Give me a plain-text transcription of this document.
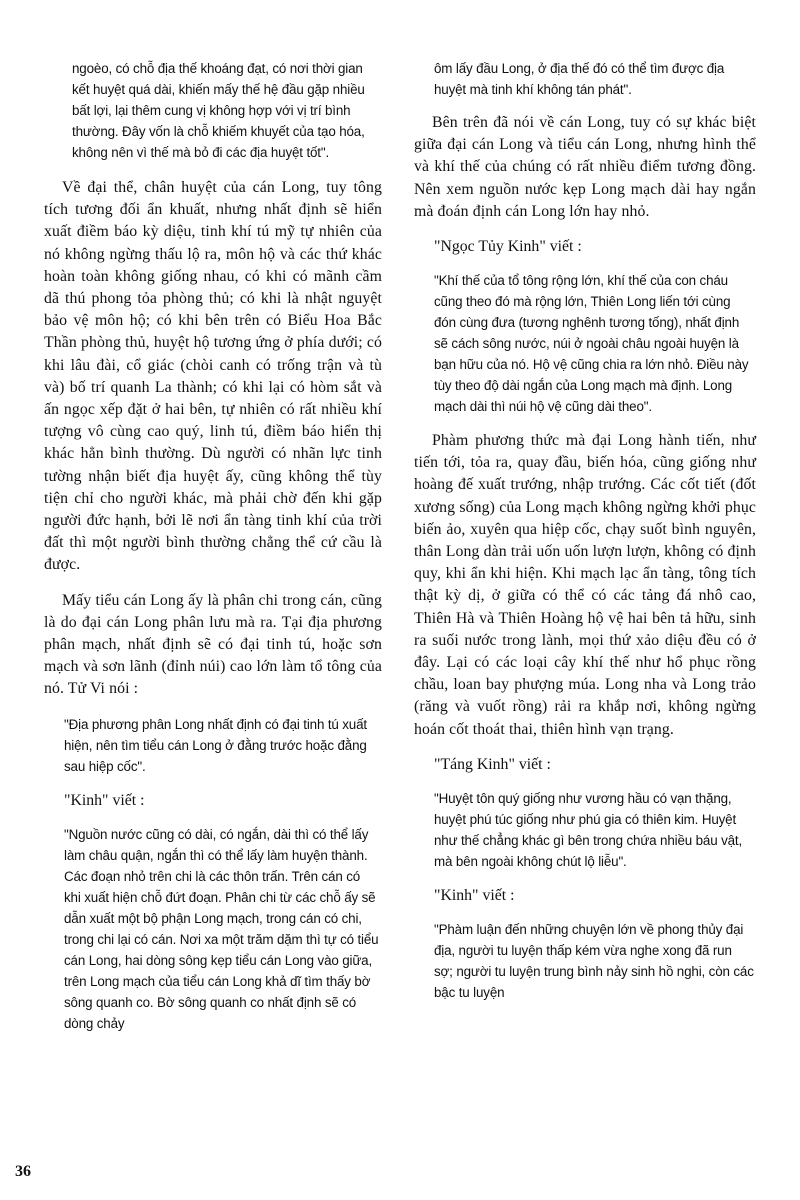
ngoèo, có chỗ địa thế khoáng đạt, có nơi thời gian kết huyệt quá dài, khiến mấy thế hệ đầu gặp nhiều bất lợi, lại thêm cung vị không hợp với vị trí bình thường. Đây vốn là chỗ khiếm khuyết của tạo hóa, không nên vì thế mà bỏ đi các địa huyệt tốt".

Về đại thể, chân huyệt của cán Long, tuy tông tích tương đối ẩn khuất, nhưng nhất định sẽ hiển xuất điềm báo kỳ diệu, tinh khí tú mỹ tự nhiên của nó không ngừng thấu lộ ra, môn hộ và các thứ khác hoàn toàn không giống nhau, có khi có mãnh cầm dã thú phong tỏa phòng thủ; có khi là nhật nguyệt bảo vệ môn hộ; có khi bên trên có Biểu Hoa Bắc Thần phòng thủ, huyệt hộ tương ứng ở phía dưới; có khi lâu đài, cổ giác (chòi canh có trống trận và tù và) bố trí quanh La thành; có khi lại có hòm sắt và ấn ngọc xếp đặt ở hai bên, tự nhiên có rất nhiều khí tượng vô cùng cao quý, linh tú, điềm báo hiển thị khác hẳn bình thường. Dù người có nhãn lực tinh tường nhận biết địa huyệt ấy, cũng không thể tùy tiện chỉ cho người khác, mà phải chờ đến khi gặp người đức hạnh, bởi lẽ nơi ẩn tàng tinh khí của trời đất thì một người bình thường chẳng thể cứ cầu là được.

Mấy tiểu cán Long ấy là phân chi trong cán, cũng là do đại cán Long phân lưu mà ra. Tại địa phương phân mạch, nhất định sẽ có đại tinh tú, hoặc sơn mạch và sơn lãnh (đỉnh núi) cao lớn làm tổ tông của nó. Tử Vi nói :

"Địa phương phân Long nhất định có đại tinh tú xuất hiện, nên tìm tiểu cán Long ở đằng trước hoặc đằng sau hiệp cốc".

"Kinh" viết :

"Nguồn nước cũng có dài, có ngắn, dài thì có thể lấy làm châu quận, ngắn thì có thể lấy làm huyện thành. Các đoạn nhỏ trên chi là các thôn trấn. Trên cán có khi xuất hiện chỗ đứt đoạn. Phân chi từ các chỗ ấy sẽ dẫn xuất một bộ phận Long mạch, trong cán có chi, trong chi lại có cán. Nơi xa một trăm dặm thì tự có tiểu cán Long, hai dòng sông kẹp tiểu cán Long vào giữa, trên Long mạch của tiểu cán Long khả dĩ tìm thấy bờ sông quanh co. Bờ sông quanh co nhất định sẽ có dòng chảy

ôm lấy đầu Long, ở địa thế đó có thể tìm được địa huyệt mà tinh khí không tán phát".

Bên trên đã nói về cán Long, tuy có sự khác biệt giữa đại cán Long và tiểu cán Long, nhưng hình thể và khí thế của chúng có rất nhiều điểm tương đồng. Nên xem nguồn nước kẹp Long mạch dài hay ngắn mà đoán định cán Long lớn hay nhỏ.

"Ngọc Tủy Kinh" viết :

"Khí thế của tổ tông rộng lớn, khí thế của con cháu cũng theo đó mà rộng lớn, Thiên Long liến tới cùng đón cùng đưa (tương nghênh tương tống), nhất định sẽ cách sông nước, núi ở ngoài châu ngoài huyện là bạn hữu của nó. Hộ vệ cũng chia ra lớn nhỏ. Điều này tùy theo độ dài ngắn của Long mạch mà định. Long mạch dài thì núi hộ vệ cũng dài theo".

Phàm phương thức mà đại Long hành tiến, như tiến tới, tỏa ra, quay đầu, biến hóa, cũng giống như hoàng đế xuất trướng, nhập trướng. Các cốt tiết (đốt xương sống) của Long mạch không ngừng khởi phục biến ảo, xuyên qua hiệp cốc, chạy suốt bình nguyên, thân Long dàn trải uốn uốn lượn lượn, không có định quy, khi ẩn khi hiện. Khi mạch lạc ẩn tàng, tông tích thật kỳ dị, ở giữa có thể có các tảng đá nhô cao, Thiên Hà và Thiên Hoàng hộ vệ hai bên tả hữu, sinh ra suối nước trong lành, mọi thứ xảo diệu đều có ở đây. Lại có các loại cây khí thế như hổ phục rồng chầu, loan bay phượng múa. Long nha và Long trảo (răng và vuốt rồng) rải ra khắp nơi, không ngừng hoán cốt thoát thai, thiên hình vạn trạng.

"Táng Kinh" viết :

"Huyệt tôn quý giống như vương hầu có vạn thặng, huyệt phú túc giống như phú gia có thiên kim. Huyệt như thế chẳng khác gì bên trong chứa nhiều báu vật, mà bên ngoài không chút lộ liễu".

"Kinh" viết :

"Phàm luận đến những chuyện lớn về phong thủy đại địa, người tu luyện thấp kém vừa nghe xong đã run sợ; người tu luyện trung bình nảy sinh hồ nghi, còn các bậc tu luyện

36
